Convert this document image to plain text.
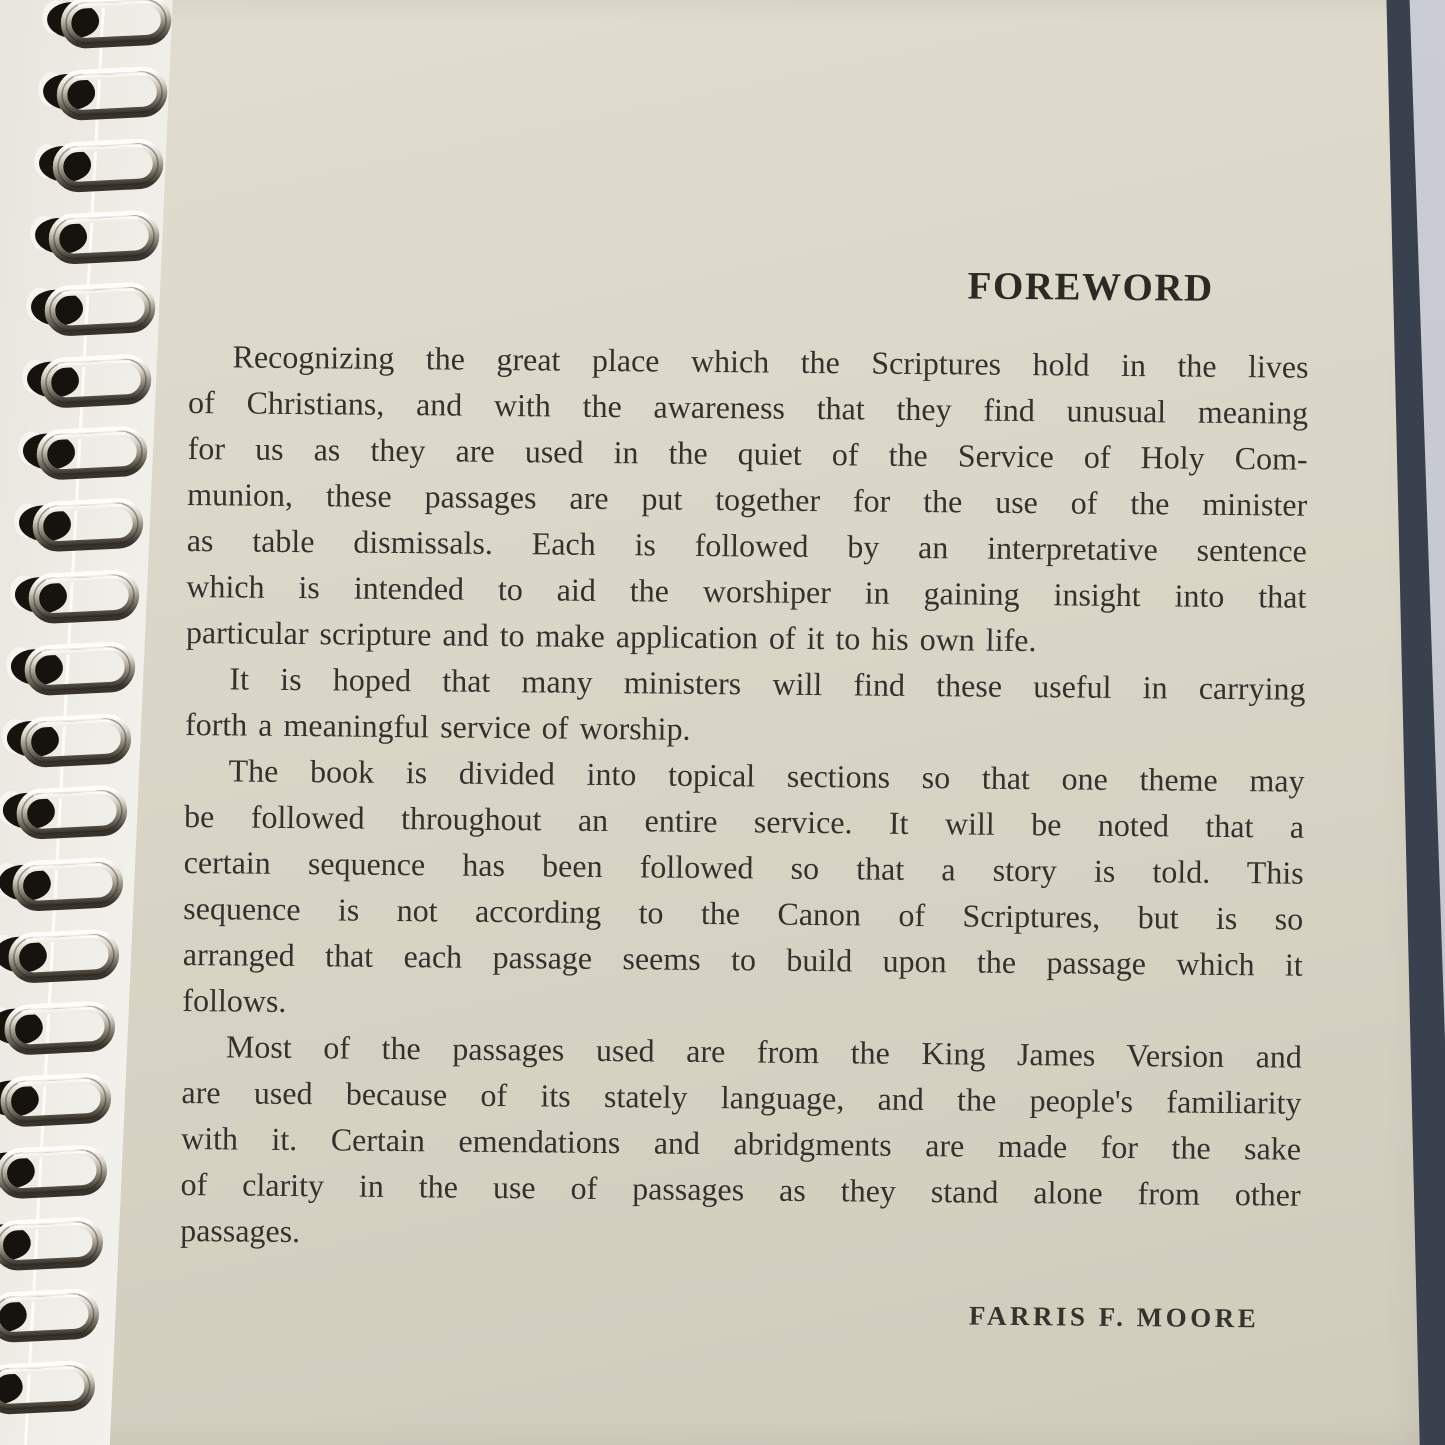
FOREWORD
Recognizing the great place which the Scriptures hold in the lives
of Christians, and with the awareness that they find unusual meaning
for us as they are used in the quiet of the Service of Holy Com-
munion, these passages are put together for the use of the minister
as table dismissals. Each is followed by an interpretative sentence
which is intended to aid the worshiper in gaining insight into that
particular scripture and to make application of it to his own life.
It is hoped that many ministers will find these useful in carrying
forth a meaningful service of worship.
The book is divided into topical sections so that one theme may
be followed throughout an entire service. It will be noted that a
certain sequence has been followed so that a story is told. This
sequence is not according to the Canon of Scriptures, but is so
arranged that each passage seems to build upon the passage which it
follows.
Most of the passages used are from the King James Version and
are used because of its stately language, and the people's familiarity
with it. Certain emendations and abridgments are made for the sake
of clarity in the use of passages as they stand alone from other
passages.
FARRIS F. MOORE
